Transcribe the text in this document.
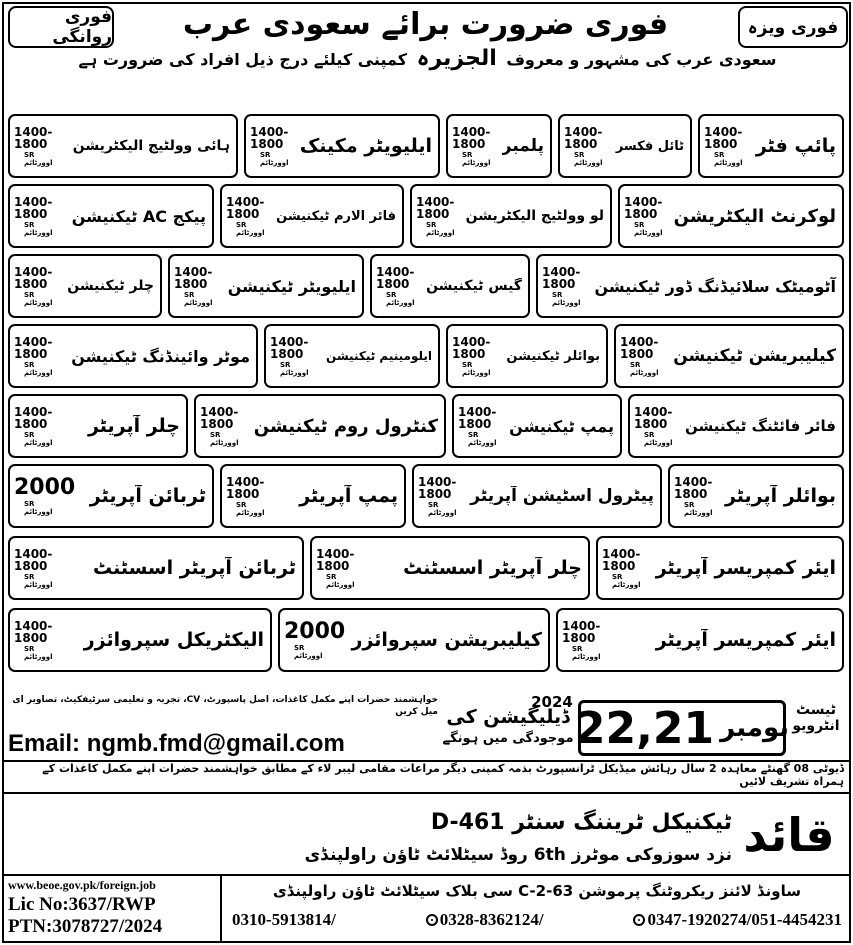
فوری روانگی فوری ضرورت برائے سعودی عرب	فوری ویزہ
سعودی عرب کی مشہور و معروف الجزیرہ کمپنی کیلئے درج ذیل افراد کی ضرورت ہے
1400-
1800
SR اوورٹائم
پائپ فٹر
1400-
1800
SR اوورٹائم
ٹائل فکسر
1400-
1800
SR اوورٹائم
پلمبر
1400-
1800
SR اوورٹائم
ایلیویٹر مکینک
1400-
1800
SR اوورٹائم
ہائی وولٹیج الیکٹریشن
1400-
1800
SR اوورٹائم
لوکرنٹ الیکٹریشن
1400-
1800
SR اوورٹائم
لو وولٹیج الیکٹریشن
1400-
1800
SR اوورٹائم
فائر الارم ٹیکنیشن
1400-
1800
SR اوورٹائم
پیکج AC ٹیکنیشن
1400-
1800
SR اوورٹائم
آٹومیٹک سلائیڈنگ ڈور ٹیکنیشن
1400-
1800
SR اوورٹائم
گیس ٹیکنیشن
1400-
1800
SR اوورٹائم
ایلیویٹر ٹیکنیشن
1400-
1800
SR اوورٹائم
چلر ٹیکنیشن
1400-
1800
SR اوورٹائم
کیلیبریشن ٹیکنیشن
1400-
1800
SR اوورٹائم
بوائلر ٹیکنیشن
1400-
1800
SR اوورٹائم
ایلومینیم ٹیکنیشن
1400-
1800
SR اوورٹائم
موٹر وائینڈنگ ٹیکنیشن
1400-
1800
SR اوورٹائم
فائر فائٹنگ ٹیکنیشن
1400-
1800
SR اوورٹائم
پمپ ٹیکنیشن
1400-
1800
SR اوورٹائم
کنٹرول روم ٹیکنیشن
1400-
1800
SR اوورٹائم
چلر آپریٹر
1400-
1800
SR اوورٹائم
بوائلر آپریٹر
1400-
1800
SR اوورٹائم
پیٹرول اسٹیشن آپریٹر
1400-
1800
SR اوورٹائم
پمپ آپریٹر
2000
SR اوورٹائم
ٹربائن آپریٹر
1400-
1800
SR اوورٹائم
ایئر کمپریسر آپریٹر
1400-
1800
SR اوورٹائم
چلر آپریٹر اسسٹنٹ
1400-
1800
SR اوورٹائم
ٹربائن آپریٹر اسسٹنٹ
1400-
1800
SR اوورٹائم
ایئر کمپریسر آپریٹر
2000
SR اوورٹائم
کیلیبریشن سپروائزر
1400-
1800
SR اوورٹائم
الیکٹریکل سپروائزر
ٹیسٹ انٹرویو
نومبر
22,21
2024
ڈیلیگیشن کی
موجودگی میں ہونگے
خواہشمند حضرات اپنے مکمل کاغذات، اصل پاسپورٹ، CV، تجربہ و تعلیمی سرٹیفکیٹ، تصاویر ای میل کریں
Email: ngmb.fmd@gmail.com
ڈیوٹی 08 گھنٹے معاہدہ 2 سال رہائش میڈیکل ٹرانسپورٹ بذمہ کمپنی دیگر مراعات مقامی لیبر لاء کے مطابق خواہشمند حضرات اپنے مکمل کاغذات کے ہمراہ تشریف لائیں
قائد
ٹیکنیکل ٹریننگ سنٹر D-461
نزد سوزوکی موٹرز 6th روڈ سیٹلائٹ ٹاؤن راولپنڈی
www.beoe.gov.pk/foreign.job
Lic No:3637/RWP
PTN:3078727/2024
ساونڈ لائنز ریکروٹنگ پرموشن 63-C-2 سی بلاک سیٹلائٹ ٹاؤن راولپنڈی
0347-1920274/051-4454231
0328-8362124/
0310-5913814/
